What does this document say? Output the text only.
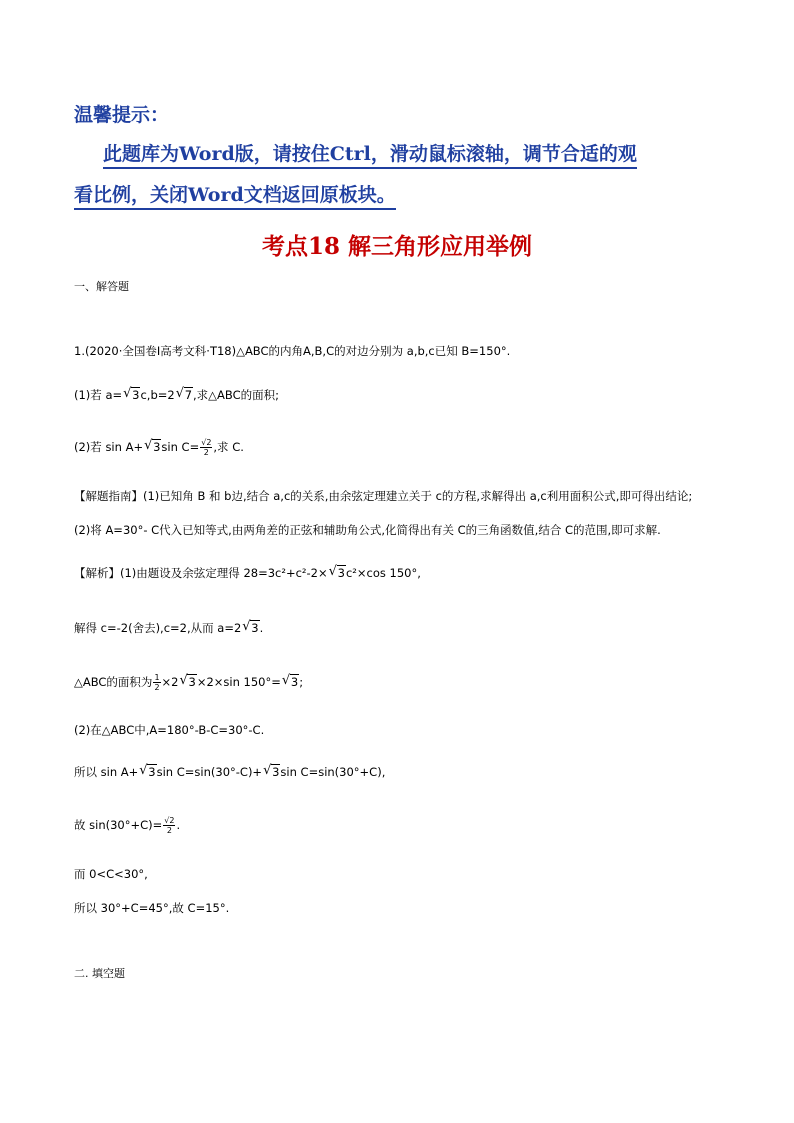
温馨提示：
此题库为Word版，请按住Ctrl，滑动鼠标滚轴，调节合适的观
看比例，关闭Word文档返回原板块。
考点18 解三角形应用举例
一、解答题
1.(2020·全国卷Ⅰ高考文科·T18)△ABC的内角A,B,C的对边分别为 a,b,c已知 B=150°.
(1)若 a= √ 3c,b=2 √ 7,求△ABC的面积;
(2)若 sin A+ √ 3sin $C= \frac{√2}{2}$ ,求 C.
【解题指南】(1)已知角 B 和 b边,结合 a,c的关系,由余弦定理建立关于 c的方程,求解得出 a,c利用面积公式,即可得出结论;
(2)将 A=30°- C代入已知等式,由两角差的正弦和辅助角公式,化简得出有关 C的三角函数值,结合 C的范围,即可求解.
【解析】(1)由题设及余弦定理得 28=3c²+c²-2× √ 3c²×cos 150°,
解得 c=-2(舍去),c=2,从而 a=2 √ 3.
△ABC的面积为 $\frac{1}{2} \times 2$ √ 3×2×sin 150°= √ 3;
(2)在△ABC中,A=180°-B-C=30°-C.
所以 sin A+ √ 3sin C=sin(30°-C)+ √ 3sin C=sin(30°+C),
故 $\sin(30^\circ+C)= \frac{√2}{2}$ .
而 0<C<30°,
所以 30°+C=45°,故 C=15°.
二. 填空题
